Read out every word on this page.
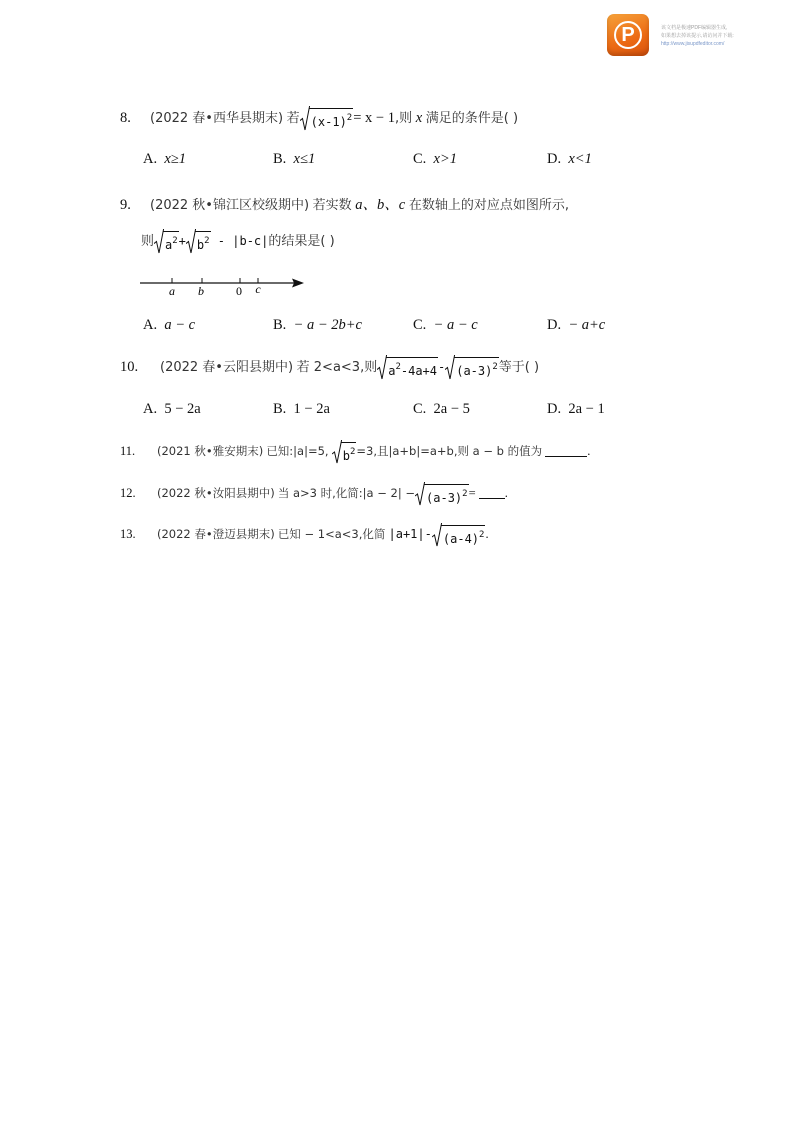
P	该文档是极速PDF编辑器生成,
如果想去掉该提示,请访问并下载:
http://www.jisupdfeditor.com/
8. (2022 春•西华县期末) 若 $(x-1)^2= x - 1$,则 x 满足的条件是( )
A. x≥1	B. x≤1	C. x>1	D. x<1
9. (2022 秋•锦江区校级期中) 若实数 a、b、c 在数轴上的对应点如图所示,
则 $a^2+ b^2 - |b-c|$的结果是( )
a b	0 c
A. a − c	B. − a − 2b+c	C. − a − c	D. − a+c
10. (2022 春•云阳县期中) 若 2<a<3,则 $a^2-4a+4-$ $(a-3)^2$等于( )
A. 5 − 2a	B. 1 − 2a	C. 2a − 5	D. 2a − 1
11. (2021 秋•雅安期末) 已知:|a|=5, $b^2=3$,且|a+b|=a+b,则 a − b 的值为	.
12. (2022 秋•汝阳县期中) 当 a>3 时,化简:|a − $2| - (a-3)^2=$ .
13. (2022 春•澄迈县期末) 已知 − 1<a<3,化简 |a+1|- $(a-4)^2$.
